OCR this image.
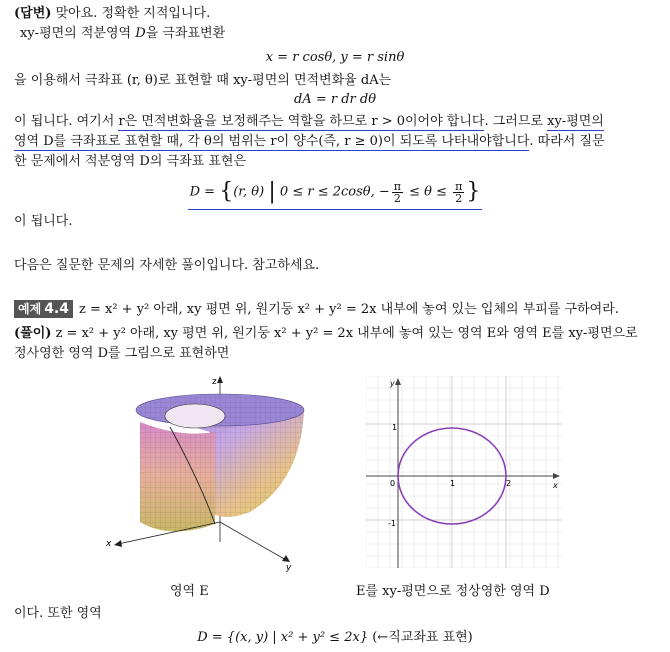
(답변) 맞아요. 정확한 지적입니다.
xy-평면의 적분영역 D을 극좌표변환
x = r cosθ, y = r sinθ
을 이용해서 극좌표 (r, θ)로 표현할 때 xy-평면의 면적변화율 dA는
dA = r dr dθ
이 됩니다. 여기서 r은 면적변화율을 보정해주는 역할을 하므로 r > 0이어야 합니다. 그러므로 xy-평면의
영역 D를 극좌표로 표현할 때, 각 θ의 범위는 r이 양수(즉, r ≥ 0)이 되도록 나타내야합니다. 따라서 질문
한 문제에서 적분영역 D의 극좌표 표현은
D = {(r, θ) | 0 ≤ r ≤ 2cosθ, − $\frac{\pi}{2} \le \theta \le \frac{\pi}{2}$ }
이 됩니다.
다음은 질문한 문제의 자세한 풀이입니다. 참고하세요.
예제 4.4 z = x² + y² 아래, xy 평면 위, 원기둥 x² + y² = 2x 내부에 놓여 있는 입체의 부피를 구하여라.
(풀이) z = x² + y² 아래, xy 평면 위, 원기둥 x² + y² = 2x 내부에 놓여 있는 영역 E와 영역 E를 xy-평면으로
정사영한 영역 D를 그림으로 표현하면
z
x
y
y
x
1
-1
0	1	2
영역 E	E를 xy-평면으로 정상영한 영역 D
이다. 또한 영역
D = {(x, y) | x² + y² ≤ 2x} (←직교좌표 표현)
